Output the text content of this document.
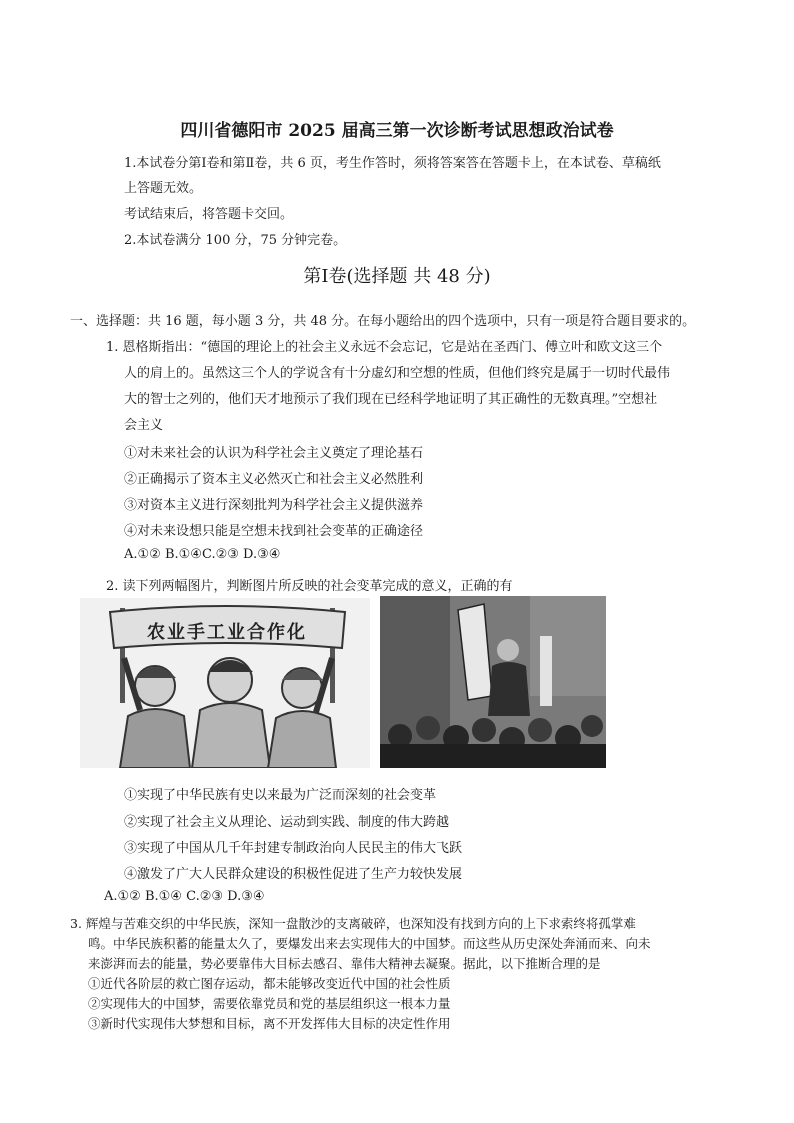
四川省德阳市 2025 届高三第一次诊断考试思想政治试卷
1.本试卷分第Ⅰ卷和第Ⅱ卷，共 6 页，考生作答时，须将答案答在答题卡上，在本试卷、草稿纸
上答题无效。
考试结束后，将答题卡交回。
2.本试卷满分 100 分，75 分钟完卷。
第Ⅰ卷(选择题 共 48 分)
一、选择题：共 16 题，每小题 3 分，共 48 分。在每小题给出的四个选项中，只有一项是符合题目要求的。
1. 恩格斯指出：“德国的理论上的社会主义永远不会忘记，它是站在圣西门、傅立叶和欧文这三个
人的肩上的。虽然这三个人的学说含有十分虚幻和空想的性质，但他们终究是属于一切时代最伟
大的智士之列的，他们天才地预示了我们现在已经科学地证明了其正确性的无数真理。”空想社
会主义
①对未来社会的认识为科学社会主义奠定了理论基石
②正确揭示了资本主义必然灭亡和社会主义必然胜利
③对资本主义进行深刻批判为科学社会主义提供滋养
④对未来设想只能是空想未找到社会变革的正确途径
A.①② B.①④C.②③ D.③④
2. 读下列两幅图片，判断图片所反映的社会变革完成的意义，正确的有
农业手工业合作化
①实现了中华民族有史以来最为广泛而深刻的社会变革
②实现了社会主义从理论、运动到实践、制度的伟大跨越
③实现了中国从几千年封建专制政治向人民民主的伟大飞跃
④激发了广大人民群众建设的积极性促进了生产力较快发展
A.①② B.①④ C.②③ D.③④
3. 辉煌与苦难交织的中华民族，深知一盘散沙的支离破碎，也深知没有找到方向的上下求索终将孤掌难
鸣。中华民族积蓄的能量太久了，要爆发出来去实现伟大的中国梦。而这些从历史深处奔涌而来、向未
来澎湃而去的能量，势必要靠伟大目标去感召、靠伟大精神去凝聚。据此，以下推断合理的是
①近代各阶层的救亡图存运动，都未能够改变近代中国的社会性质
②实现伟大的中国梦，需要依靠党员和党的基层组织这一根本力量
③新时代实现伟大梦想和目标，离不开发挥伟大目标的决定性作用
